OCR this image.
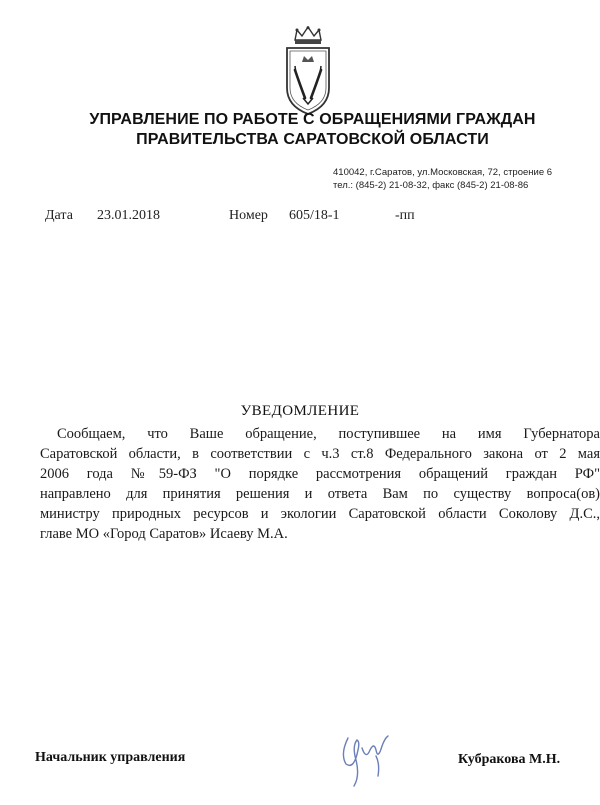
УПРАВЛЕНИЕ ПО РАБОТЕ С ОБРАЩЕНИЯМИ ГРАЖДАН
ПРАВИТЕЛЬСТВА САРАТОВСКОЙ ОБЛАСТИ
410042, г.Саратов, ул.Московская, 72, строение 6
тел.: (845-2) 21-08-32, факс (845-2) 21-08-86
Дата 23.01.2018	Номер 605/18-1	-пп
УВЕДОМЛЕНИЕ
Сообщаем, что Ваше обращение, поступившее на имя Губернатора
Саратовской области, в соответствии с ч.3 ст.8 Федерального закона от 2 мая
2006 года №59-ФЗ "О порядке рассмотрения обращений граждан РФ"
направлено для принятия решения и ответа Вам по существу вопроса(ов)
министру природных ресурсов и экологии Саратовской области Соколову Д.С.,
главе МО «Город Саратов» Исаеву М.А.
Начальник управления	Кубракова М.Н.
